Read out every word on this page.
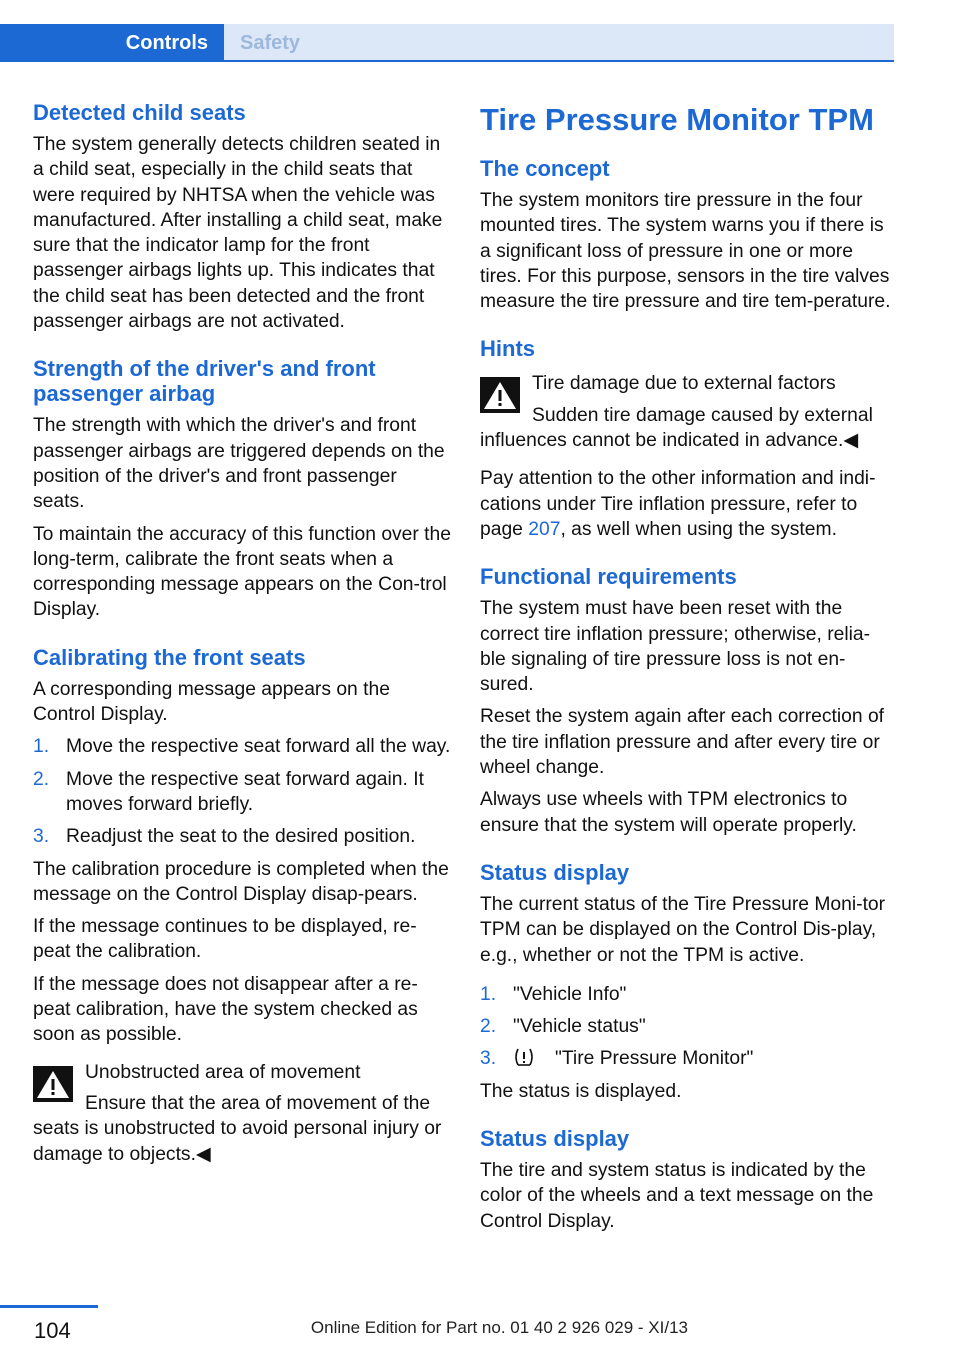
Controls	Safety
Detected child seats

The system generally detects children seated in a child seat, especially in the child seats that were required by NHTSA when the vehicle was manufactured. After installing a child seat, make sure that the indicator lamp for the front passenger airbags lights up. This indicates that the child seat has been detected and the front passenger airbags are not activated.

Strength of the driver's and front passenger airbag

The strength with which the driver's and front passenger airbags are triggered depends on the position of the driver's and front passenger seats.

To maintain the accuracy of this function over the long-term, calibrate the front seats when a corresponding message appears on the Con‐trol Display.

Calibrating the front seats

A corresponding message appears on the Control Display.

1. Move the respective seat forward all the way.
2. Move the respective seat forward again. It moves forward briefly.
3. Readjust the seat to the desired position.

The calibration procedure is completed when the message on the Control Display disap‐pears.

If the message continues to be displayed, re‐peat the calibration.

If the message does not disappear after a re‐peat calibration, have the system checked as soon as possible.

Unobstructed area of movement
Ensure that the area of movement of the

seats is unobstructed to avoid personal injury or damage to objects.◀

Tire Pressure Monitor TPM
The concept

The system monitors tire pressure in the four mounted tires. The system warns you if there is a significant loss of pressure in one or more tires. For this purpose, sensors in the tire valves measure the tire pressure and tire tem‐perature.

Hints
Tire damage due to external factors
Sudden tire damage caused by external

influences cannot be indicated in advance.◀

Pay attention to the other information and indi‐cations under Tire inflation pressure, refer to page 207, as well when using the system.

Functional requirements

The system must have been reset with the correct tire inflation pressure; otherwise, relia‐ble signaling of tire pressure loss is not en‐sured.

Reset the system again after each correction of the tire inflation pressure and after every tire or wheel change.

Always use wheels with TPM electronics to ensure that the system will operate properly.

Status display

The current status of the Tire Pressure Moni‐tor TPM can be displayed on the Control Dis‐play, e.g., whether or not the TPM is active.

1. "Vehicle Info"
2. "Vehicle status"
3.	"Tire Pressure Monitor"

The status is displayed.

Status display

The tire and system status is indicated by the color of the wheels and a text message on the Control Display.

104	Online Edition for Part no. 01 40 2 926 029 - XI/13
